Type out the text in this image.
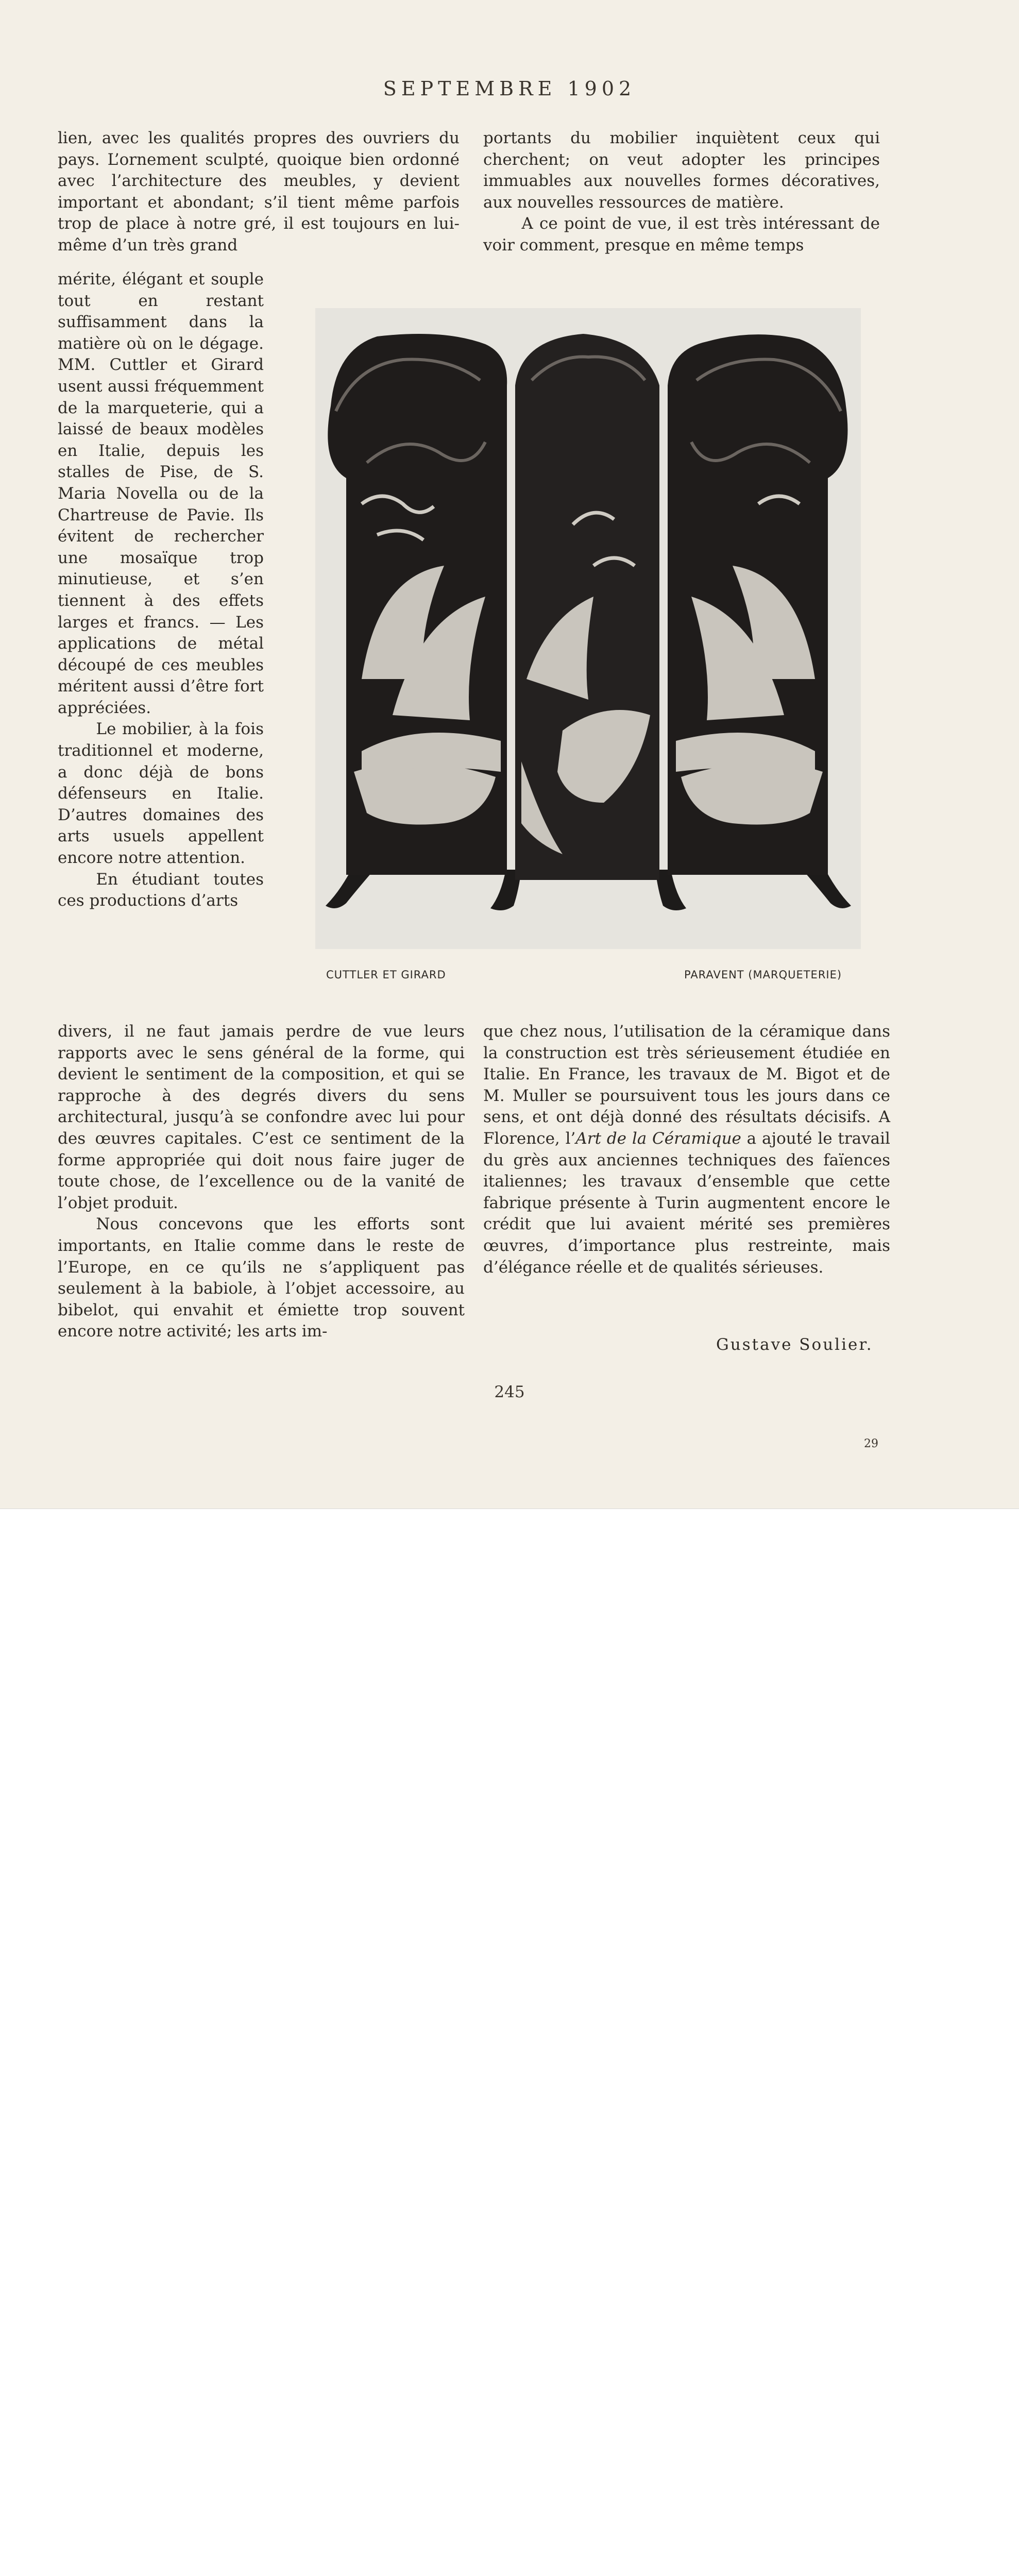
SEPTEMBRE 1902

lien, avec les qualités propres des ouvriers du pays. L’ornement sculpté, quoique bien ordonné avec l’architecture des meubles, y devient important et abondant; s’il tient même parfois trop de place à notre gré, il est toujours en lui-même d’un très grand

mérite, élégant et souple tout en restant suffisamment dans la matière où on le dégage. MM. Cuttler et Girard usent aussi fréquemment de la marqueterie, qui a laissé de beaux modèles en Italie, depuis les stalles de Pise, de S. Maria Novella ou de la Chartreuse de Pavie. Ils évitent de rechercher une mosaïque trop minutieuse, et s’en tiennent à des effets larges et francs. — Les applications de métal découpé de ces meubles méritent aussi d’être fort appréciées.

Le mobilier, à la fois traditionnel et moderne, a donc déjà de bons défenseurs en Italie. D’autres domaines des arts usuels appellent encore notre attention.

En étudiant toutes ces productions d’arts

divers, il ne faut jamais perdre de vue leurs rapports avec le sens général de la forme, qui devient le sentiment de la composition, et qui se rapproche à des degrés divers du sens architectural, jusqu’à se confondre avec lui pour des œuvres capitales. C’est ce sentiment de la forme appropriée qui doit nous faire juger de toute chose, de l’excellence ou de la vanité de l’objet produit.

Nous concevons que les efforts sont importants, en Italie comme dans le reste de l’Europe, en ce qu’ils ne s’appliquent pas seulement à la babiole, à l’objet accessoire, au bibelot, qui envahit et émiette trop souvent encore notre activité; les arts im-

portants du mobilier inquiètent ceux qui cherchent; on veut adopter les principes immuables aux nouvelles formes décoratives, aux nouvelles ressources de matière.

A ce point de vue, il est très intéressant de voir comment, presque en même temps

CUTTLER ET GIRARD	PARAVENT (MARQUETERIE)

que chez nous, l’utilisation de la céramique dans la construction est très sérieusement étudiée en Italie. En France, les travaux de M. Bigot et de M. Muller se poursuivent tous les jours dans ce sens, et ont déjà donné des résultats décisifs. A Florence, l’Art de la Céramique a ajouté le travail du grès aux anciennes techniques des faïences italiennes; les travaux d’ensemble que cette fabrique présente à Turin augmentent encore le crédit que lui avaient mérité ses premières œuvres, d’importance plus restreinte, mais d’élégance réelle et de qualités sérieuses.

Gustave Soulier.
245
29
